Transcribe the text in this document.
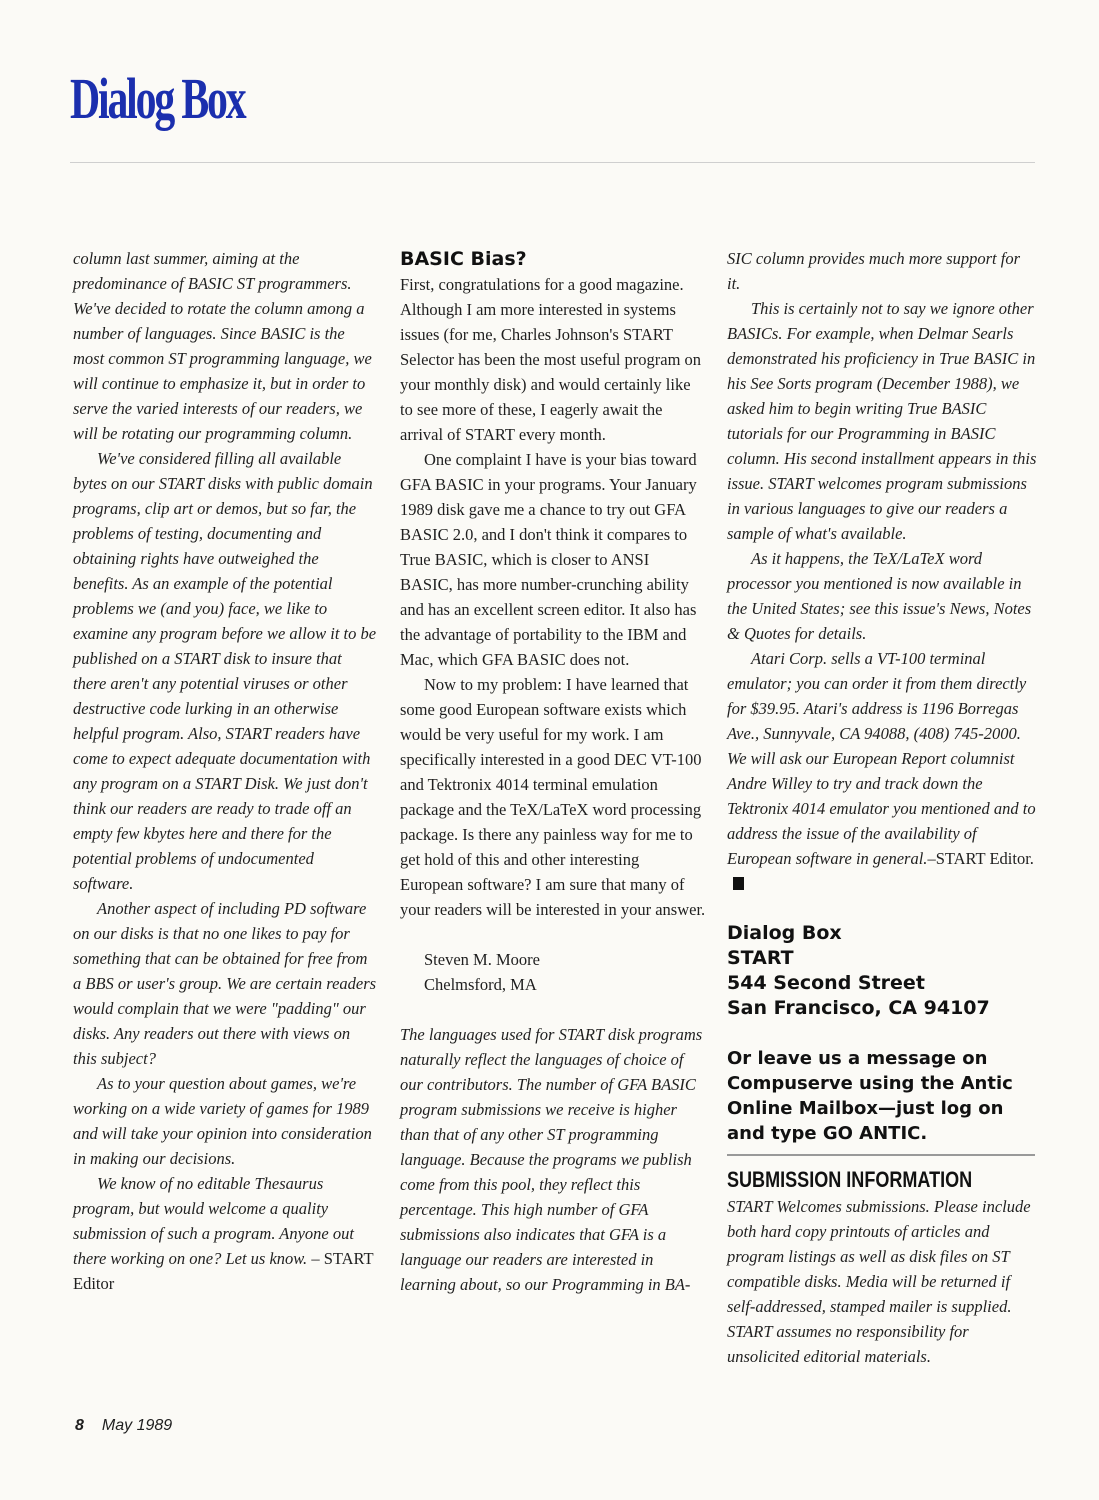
Dialog Box

column last summer, aiming at the predominance of BASIC ST programmers. We've decided to rotate the column among a number of languages. Since BASIC is the most common ST programming language, we will continue to emphasize it, but in order to serve the varied interests of our readers, we will be rotating our programming column.

We've considered filling all available bytes on our START disks with public domain programs, clip art or demos, but so far, the problems of testing, documenting and obtaining rights have outweighed the benefits. As an example of the potential problems we (and you) face, we like to examine any program before we allow it to be published on a START disk to insure that there aren't any potential viruses or other destructive code lurking in an otherwise helpful program. Also, START readers have come to expect adequate documentation with any program on a START Disk. We just don't think our readers are ready to trade off an empty few kbytes here and there for the potential problems of undocumented software.

Another aspect of including PD software on our disks is that no one likes to pay for something that can be obtained for free from a BBS or user's group. We are certain readers would complain that we were "padding" our disks. Any readers out there with views on this subject?

As to your question about games, we're working on a wide variety of games for 1989 and will take your opinion into consideration in making our decisions.

We know of no editable Thesaurus program, but would welcome a quality submission of such a program. Anyone out there working on one? Let us know. – START Editor

BASIC Bias?

First, congratulations for a good magazine. Although I am more interested in systems issues (for me, Charles Johnson's START Selector has been the most useful program on your monthly disk) and would certainly like to see more of these, I eagerly await the arrival of START every month.

One complaint I have is your bias toward GFA BASIC in your programs. Your January 1989 disk gave me a chance to try out GFA BASIC 2.0, and I don't think it compares to True BASIC, which is closer to ANSI BASIC, has more number-crunching ability and has an excellent screen editor. It also has the advantage of portability to the IBM and Mac, which GFA BASIC does not.

Now to my problem: I have learned that some good European software exists which would be very useful for my work. I am specifically interested in a good DEC VT-100 and Tektronix 4014 terminal emulation package and the TeX/LaTeX word processing package. Is there any painless way for me to get hold of this and other interesting European software? I am sure that many of your readers will be interested in your answer.

Steven M. Moore

Chelmsford, MA

The languages used for START disk programs naturally reflect the languages of choice of our contributors. The number of GFA BASIC program submissions we receive is higher than that of any other ST programming language. Because the programs we publish come from this pool, they reflect this percentage. This high number of GFA submissions also indicates that GFA is a language our readers are interested in learning about, so our Programming in BA-

SIC column provides much more support for it.

This is certainly not to say we ignore other BASICs. For example, when Delmar Searls demonstrated his proficiency in True BASIC in his See Sorts program (December 1988), we asked him to begin writing True BASIC tutorials for our Programming in BASIC column. His second installment appears in this issue. START welcomes program submissions in various languages to give our readers a sample of what's available.

As it happens, the TeX/LaTeX word processor you mentioned is now available in the United States; see this issue's News, Notes & Quotes for details.

Atari Corp. sells a VT-100 terminal emulator; you can order it from them directly for $39.95. Atari's address is 1196 Borregas Ave., Sunnyvale, CA 94088, (408) 745-2000. We will ask our European Report columnist Andre Willey to try and track down the Tektronix 4014 emulator you mentioned and to address the issue of the availability of European software in general.–START Editor.

Dialog Box
START
544 Second Street
San Francisco, CA 94107
Or leave us a message on Compuserve using the Antic Online Mailbox—just log on and type GO ANTIC.
SUBMISSION INFORMATION

START Welcomes submissions. Please include both hard copy printouts of articles and program listings as well as disk files on ST compatible disks. Media will be returned if self-addressed, stamped mailer is supplied. START assumes no responsibility for unsolicited editorial materials.

8 May 1989
